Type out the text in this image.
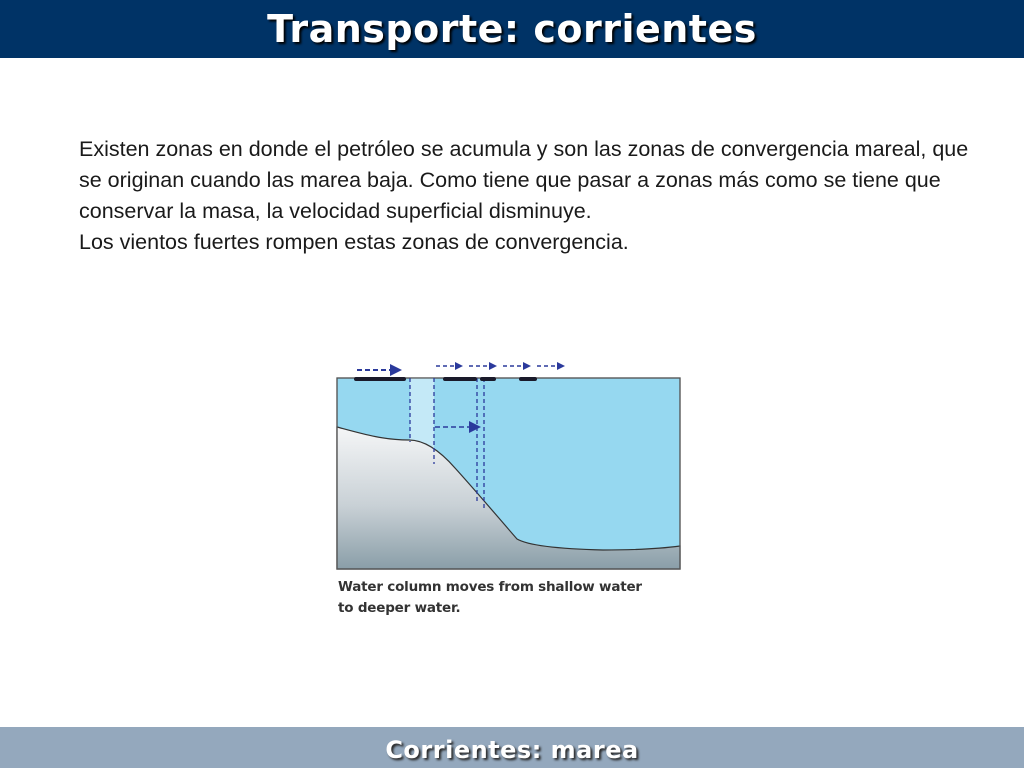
Transporte: corrientes

Existen zonas en donde el petróleo se acumula y son las zonas de convergencia mareal, que se originan cuando las marea baja. Como tiene que pasar a zonas más como se tiene que conservar la masa, la velocidad superficial disminuye.

Los vientos fuertes rompen estas zonas de convergencia.

Water column moves from shallow water
to deeper water.
Corrientes: marea
